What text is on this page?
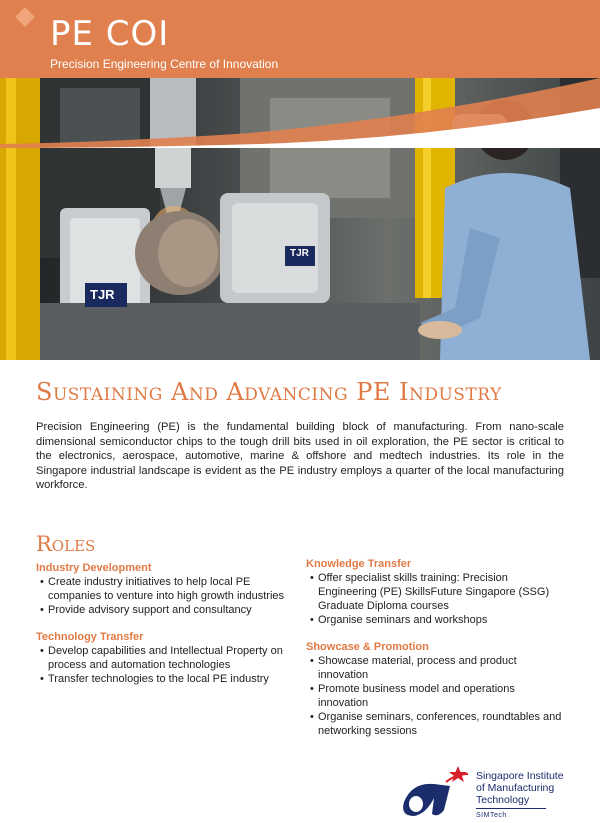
PE COI
Precision Engineering Centre of Innovation
TJR
TJR
Sustaining And Advancing PE Industry
Precision Engineering (PE) is the fundamental building block of manufacturing. From nano-scale dimensional semiconductor chips to the tough drill bits used in oil exploration, the PE sector is critical to the electronics, aerospace, automotive, marine & offshore and medtech industries. Its role in the Singapore industrial landscape is evident as the PE industry employs a quarter of the local manufacturing workforce.
Roles
Industry Development
• Create industry initiatives to help local PE companies to venture into high growth industries
• Provide advisory support and consultancy
Technology Transfer
• Develop capabilities and Intellectual Property on process and automation technologies
• Transfer technologies to the local PE industry
Knowledge Transfer
• Offer specialist skills training: Precision Engineering (PE) SkillsFuture Singapore (SSG) Graduate Diploma courses
• Organise seminars and workshops
Showcase & Promotion
• Showcase material, process and product innovation
• Promote business model and operations innovation
• Organise seminars, conferences, roundtables and networking sessions
Singapore Institute
of Manufacturing
Technology
SIMTech
